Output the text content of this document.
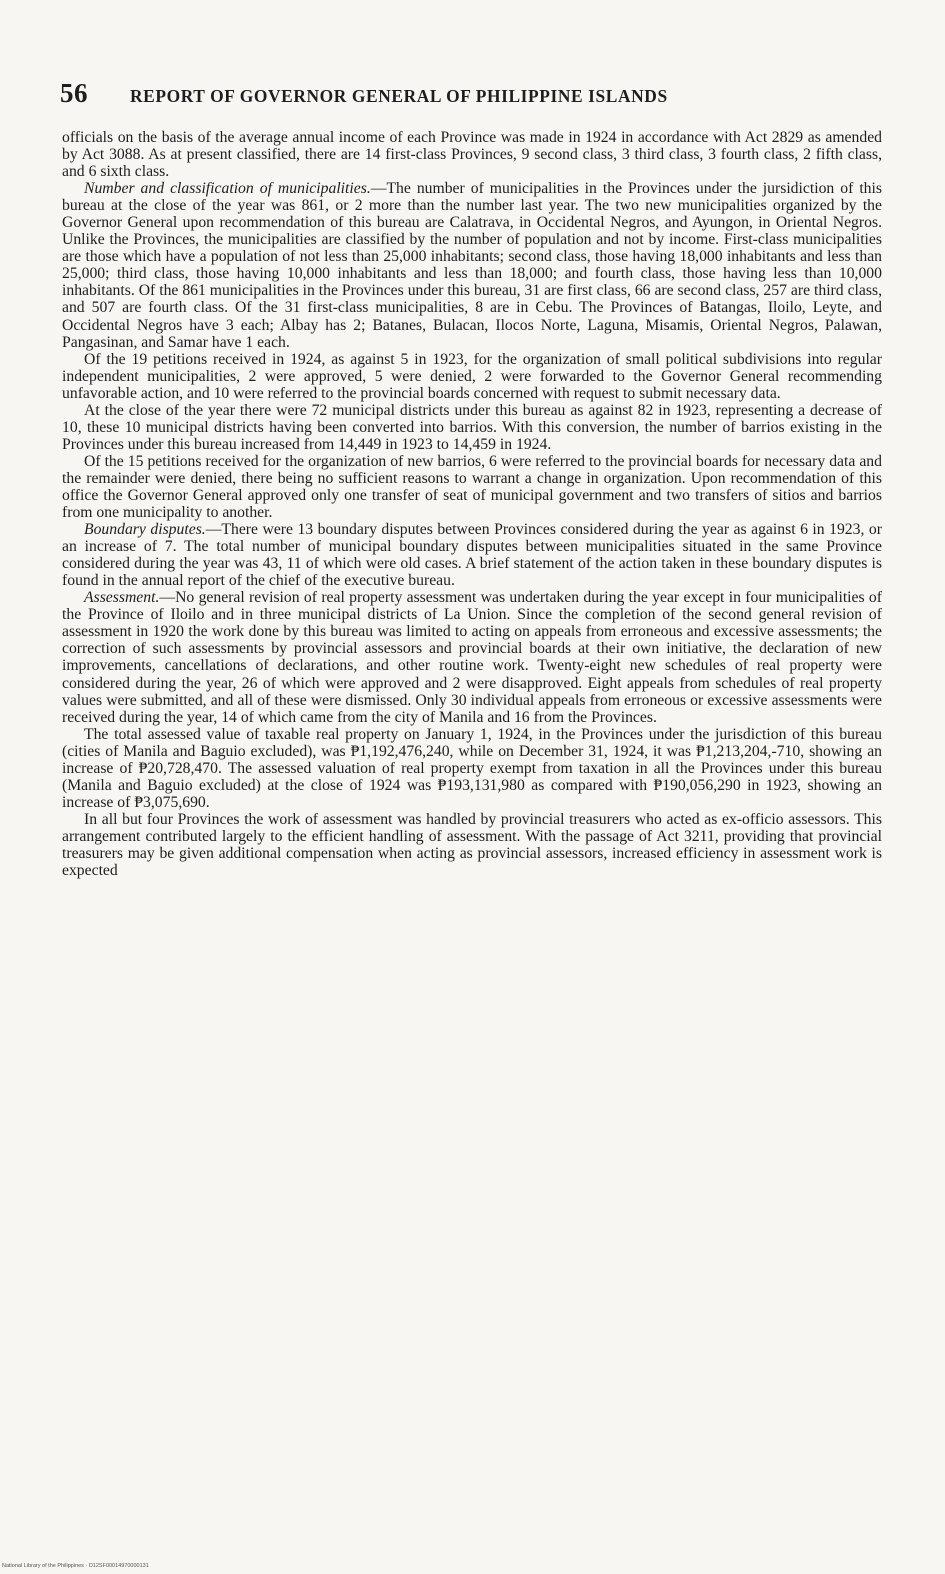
56	REPORT OF GOVERNOR GENERAL OF PHILIPPINE ISLANDS

officials on the basis of the average annual income of each Province was made in 1924 in accordance with Act 2829 as amended by Act 3088. As at present classified, there are 14 first-class Provinces, 9 second class, 3 third class, 3 fourth class, 2 fifth class, and 6 sixth class.

Number and classification of municipalities.—The number of municipalities in the Provinces under the jursidiction of this bureau at the close of the year was 861, or 2 more than the number last year. The two new municipalities organized by the Governor General upon recommendation of this bureau are Calatrava, in Occidental Negros, and Ayungon, in Oriental Negros. Unlike the Provinces, the municipalities are classified by the number of population and not by income. First-class municipalities are those which have a population of not less than 25,000 inhabitants; second class, those having 18,000 inhabitants and less than 25,000; third class, those having 10,000 inhabitants and less than 18,000; and fourth class, those having less than 10,000 inhabitants. Of the 861 municipalities in the Provinces under this bureau, 31 are first class, 66 are second class, 257 are third class, and 507 are fourth class. Of the 31 first-class municipalities, 8 are in Cebu. The Provinces of Batangas, Iloilo, Leyte, and Occidental Negros have 3 each; Albay has 2; Batanes, Bulacan, Ilocos Norte, Laguna, Misamis, Oriental Negros, Palawan, Pangasinan, and Samar have 1 each.

Of the 19 petitions received in 1924, as against 5 in 1923, for the organization of small political subdivisions into regular independent municipalities, 2 were approved, 5 were denied, 2 were forwarded to the Governor General recommending unfavorable action, and 10 were referred to the provincial boards concerned with request to submit necessary data.

At the close of the year there were 72 municipal districts under this bureau as against 82 in 1923, representing a decrease of 10, these 10 municipal districts having been converted into barrios. With this conversion, the number of barrios existing in the Provinces under this bureau increased from 14,449 in 1923 to 14,459 in 1924.

Of the 15 petitions received for the organization of new barrios, 6 were referred to the provincial boards for necessary data and the remainder were denied, there being no sufficient reasons to warrant a change in organization. Upon recommendation of this office the Governor General approved only one transfer of seat of municipal government and two transfers of sitios and barrios from one municipality to another.

Boundary disputes.—There were 13 boundary disputes between Provinces considered during the year as against 6 in 1923, or an increase of 7. The total number of municipal boundary disputes between municipalities situated in the same Province considered during the year was 43, 11 of which were old cases. A brief statement of the action taken in these boundary disputes is found in the annual report of the chief of the executive bureau.

Assessment.—No general revision of real property assessment was undertaken during the year except in four municipalities of the Province of Iloilo and in three municipal districts of La Union. Since the completion of the second general revision of assessment in 1920 the work done by this bureau was limited to acting on appeals from erroneous and excessive assessments; the correction of such assessments by provincial assessors and provincial boards at their own initiative, the declaration of new improvements, cancellations of declarations, and other routine work. Twenty-eight new schedules of real property were considered during the year, 26 of which were approved and 2 were disapproved. Eight appeals from schedules of real property values were submitted, and all of these were dismissed. Only 30 individual appeals from erroneous or excessive assessments were received during the year, 14 of which came from the city of Manila and 16 from the Provinces.

The total assessed value of taxable real property on January 1, 1924, in the Provinces under the jurisdiction of this bureau (cities of Manila and Baguio excluded), was ₱1,192,476,240, while on December 31, 1924, it was ₱1,213,204,-710, showing an increase of ₱20,728,470. The assessed valuation of real property exempt from taxation in all the Provinces under this bureau (Manila and Baguio excluded) at the close of 1924 was ₱193,131,980 as compared with ₱190,056,290 in 1923, showing an increase of ₱3,075,690.

In all but four Provinces the work of assessment was handled by provincial treasurers who acted as ex-officio assessors. This arrangement contributed largely to the efficient handling of assessment. With the passage of Act 3211, providing that provincial treasurers may be given additional compensation when acting as provincial assessors, increased efficiency in assessment work is expected

National Library of the Philippines · D12SF00014970000131
